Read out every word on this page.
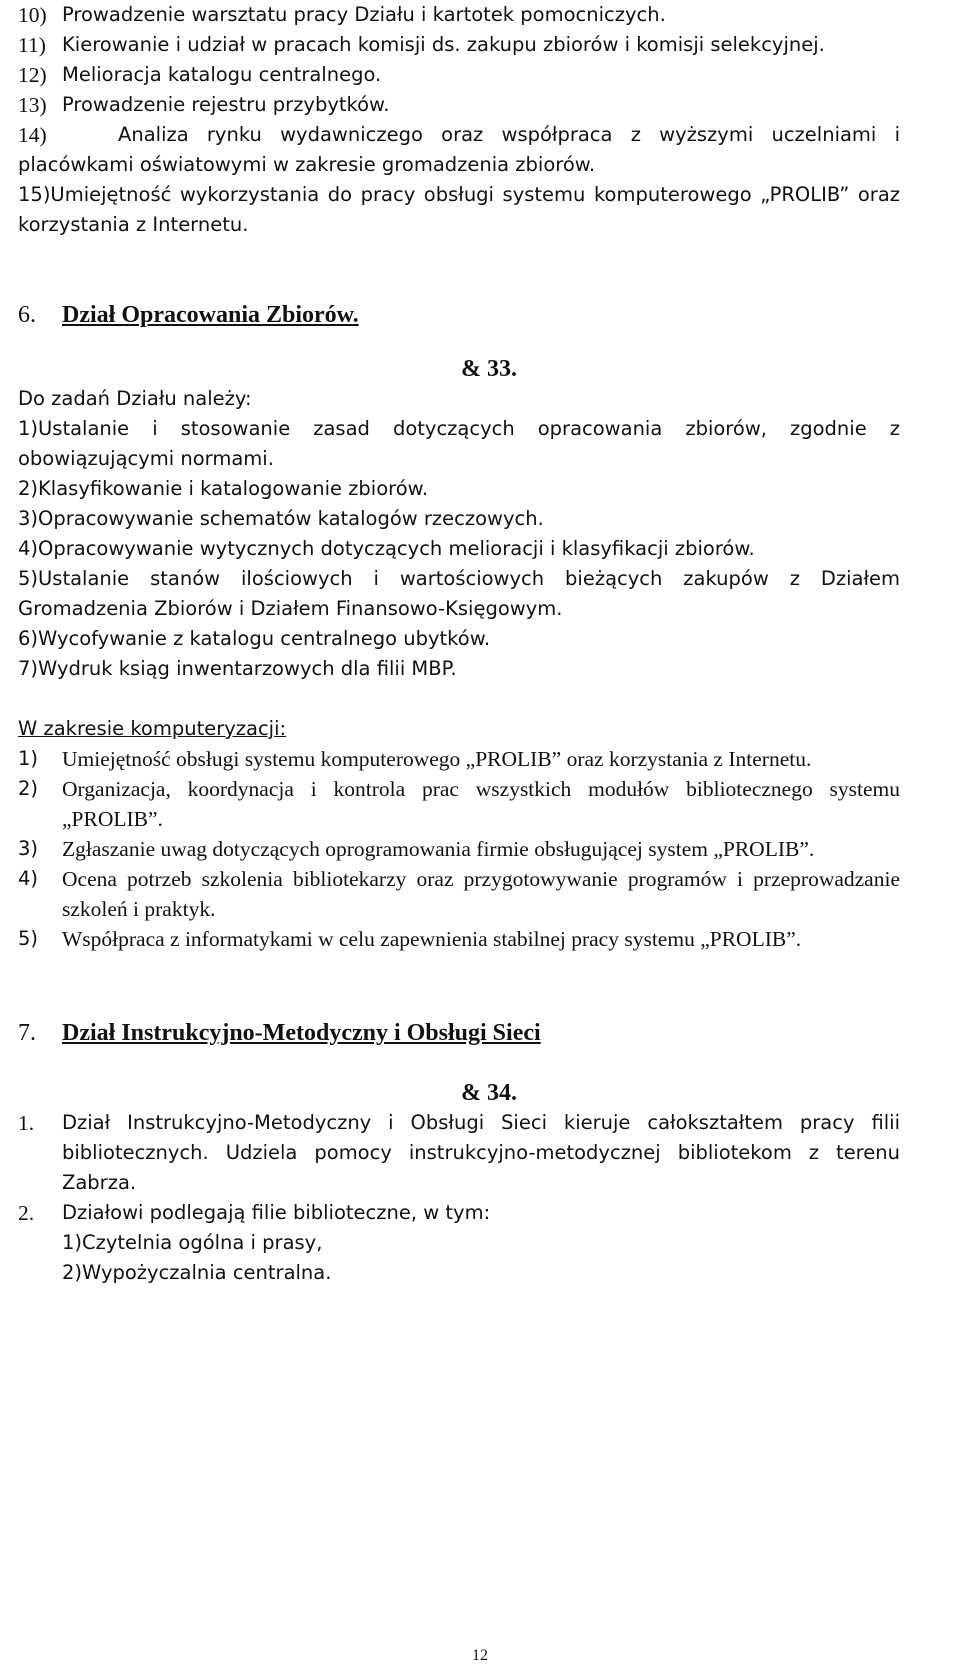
10) Prowadzenie warsztatu pracy Działu i kartotek pomocniczych.
11) Kierowanie i udział w pracach komisji ds. zakupu zbiorów i komisji selekcyjnej.
12) Melioracja katalogu centralnego.
13) Prowadzenie rejestru przybytków.
14)	Analiza rynku wydawniczego oraz współpraca z wyższymi uczelniami i placówkami oświatowymi w zakresie gromadzenia zbiorów.

15)Umiejętność wykorzystania do pracy obsługi systemu komputerowego „PROLIB” oraz korzystania z Internetu.

6.	Dział Opracowania Zbiorów.

& 33.

Do zadań Działu należy:

1)Ustalanie i stosowanie zasad dotyczących opracowania zbiorów, zgodnie z obowiązującymi normami.

2)Klasyfikowanie i katalogowanie zbiorów.

3)Opracowywanie schematów katalogów rzeczowych.

4)Opracowywanie wytycznych dotyczących melioracji i klasyfikacji zbiorów.

5)Ustalanie stanów ilościowych i wartościowych bieżących zakupów z Działem Gromadzenia Zbiorów i Działem Finansowo-Księgowym.

6)Wycofywanie z katalogu centralnego ubytków.

7)Wydruk ksiąg inwentarzowych dla filii MBP.

W zakresie komputeryzacji:

1)	Umiejętność obsługi systemu komputerowego „PROLIB” oraz korzystania z Internetu.
2)	Organizacja, koordynacja i kontrola prac wszystkich modułów bibliotecznego systemu „PROLIB”.
3)	Zgłaszanie uwag dotyczących oprogramowania firmie obsługującej system „PROLIB”.
4)	Ocena potrzeb szkolenia bibliotekarzy oraz przygotowywanie programów i przeprowadzanie szkoleń i praktyk.
5)	Współpraca z informatykami w celu zapewnienia stabilnej pracy systemu „PROLIB”.
7.	Dział Instrukcyjno-Metodyczny i Obsługi Sieci

& 34.

1.	Dział Instrukcyjno-Metodyczny i Obsługi Sieci kieruje całokształtem pracy filii bibliotecznych. Udziela pomocy instrukcyjno-metodycznej bibliotekom z terenu Zabrza.
2.	Działowi podlegają filie biblioteczne, w tym:

1)Czytelnia ogólna i prasy,

2)Wypożyczalnia centralna.

12
